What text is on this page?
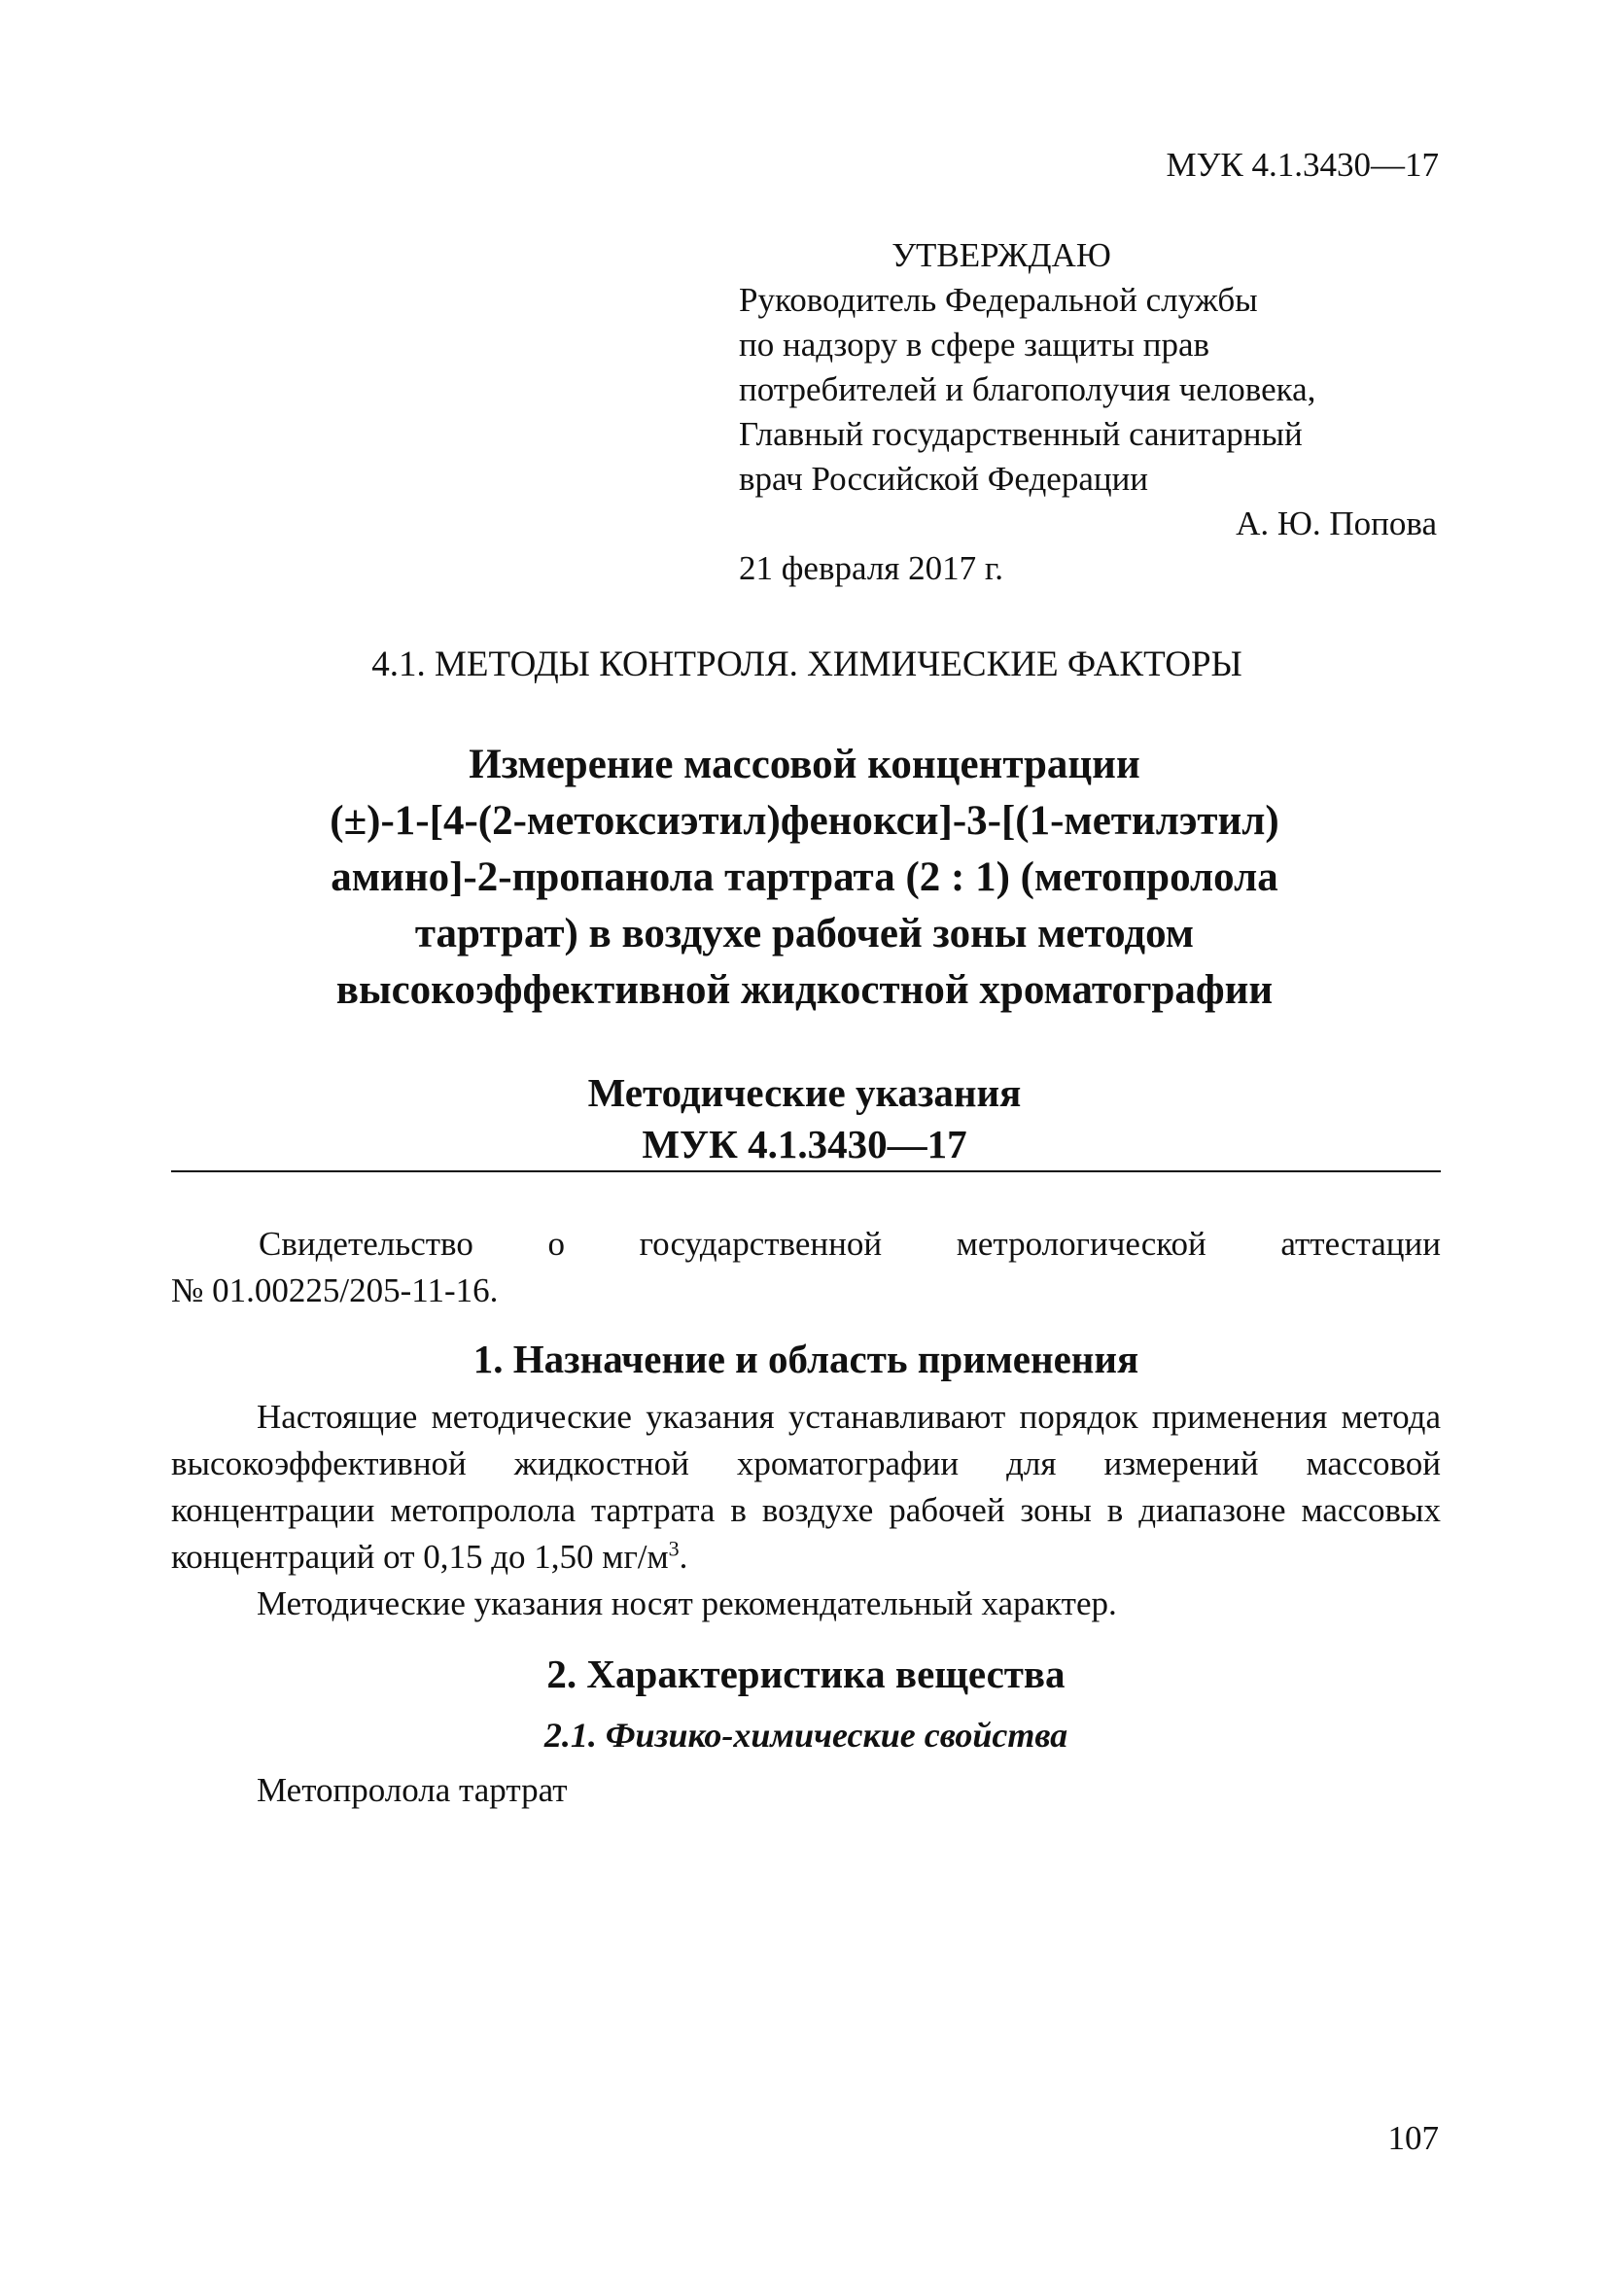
МУК 4.1.3430—17
УТВЕРЖДАЮ
Руководитель Федеральной службы
по надзору в сфере защиты прав
потребителей и благополучия человека,
Главный государственный санитарный
врач Российской Федерации
А. Ю. Попова
21 февраля 2017 г.
4.1. МЕТОДЫ КОНТРОЛЯ. ХИМИЧЕСКИЕ ФАКТОРЫ
Измерение массовой концентрации
(±)-1-[4-(2-метоксиэтил)фенокси]-3-[(1-метилэтил)
амино]-2-пропанола тартрата (2 : 1) (метопролола
тартрат) в воздухе рабочей зоны методом
высокоэффективной жидкостной хроматографии
Методические указания
МУК 4.1.3430—17
Свидетельство о государственной метрологической аттестации
№ 01.00225/205-11-16.
1. Назначение и область применения

Настоящие методические указания устанавливают порядок применения метода высокоэффективной жидкостной хроматографии для измерений массовой концентрации метопролола тартрата в воздухе рабочей зоны в диапазоне массовых концентраций от 0,15 до 1,50 $мг/м^3$.

Методические указания носят рекомендательный характер.

2. Характеристика вещества
2.1. Физико-химические свойства
Метопролола тартрат
107
